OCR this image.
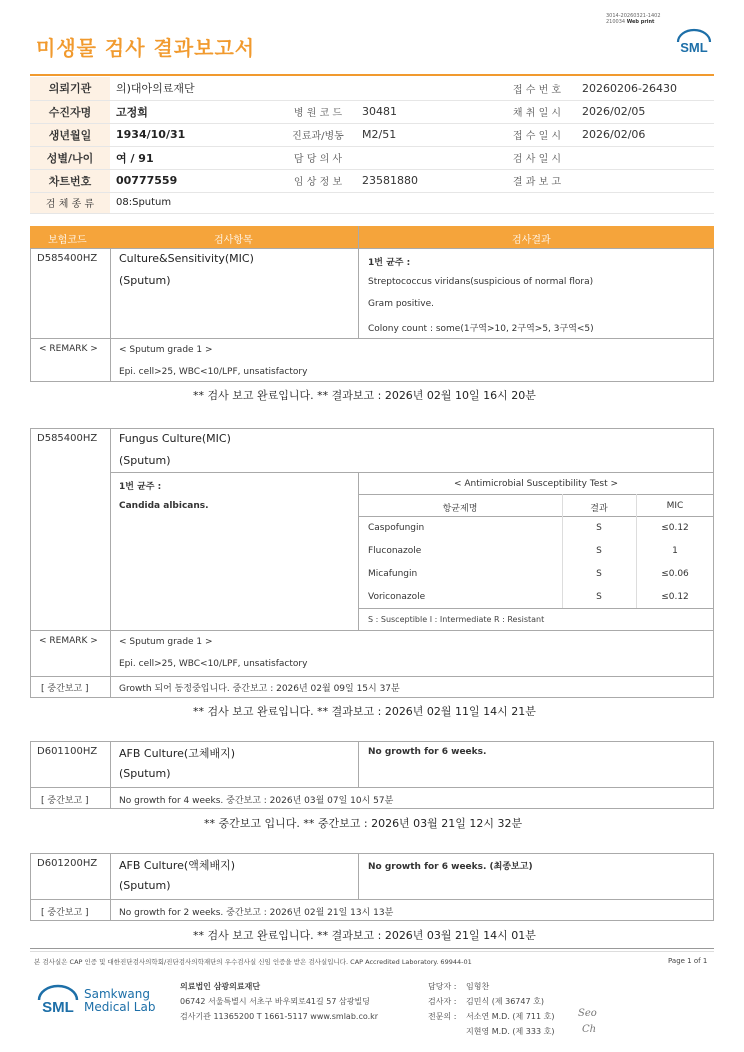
미생물 검사 결과보고서
3014-20260321-1402
210034 Web print
SML
의뢰기관	의)대아의료재단			접 수 번 호	20260206-26430
수진자명	고정희	병 원 코 드	30481	채 취 일 시	2026/02/05
생년월일	1934/10/31	진료과/병동	M2/51	접 수 일 시	2026/02/06
성별/나이	여 / 91	담 당 의 사		검 사 일 시	
차트번호	00777559	임 상 정 보	23581880	결 과 보 고	
검 체 종 류	08:Sputum				
보험코드	검사항목	검사결과
D585400HZ Culture&Sensitivity(MIC)
(Sputum)
1번 균주 :
Streptococcus viridans(suspicious of normal flora)
Gram positive.
Colony count : some(1구역>10, 2구역>5, 3구역<5)
< REMARK > < Sputum grade 1 >
Epi. cell>25, WBC<10/LPF, unsatisfactory
** 검사 보고 완료입니다. ** 결과보고 : 2026년 02월 10일 16시 20분
D585400HZ Fungus Culture(MIC)
(Sputum)
1번 균주 :
Candida albicans.
< Antimicrobial Susceptibility Test >
항균제명	결과	MIC
Caspofungin	S	≤0.12
Fluconazole	S	1
Micafungin	S	≤0.06
Voriconazole	S	≤0.12
S : Susceptible I : Intermediate R : Resistant
< REMARK > < Sputum grade 1 >
Epi. cell>25, WBC<10/LPF, unsatisfactory
[ 중간보고 ]	Growth 되어 동정중입니다. 중간보고 : 2026년 02월 09일 15시 37분
** 검사 보고 완료입니다. ** 결과보고 : 2026년 02월 11일 14시 21분
D601100HZ AFB Culture(고체배지)
(Sputum)
No growth for 6 weeks.
[ 중간보고 ]	No growth for 4 weeks. 중간보고 : 2026년 03월 07일 10시 57분
** 중간보고 입니다. ** 중간보고 : 2026년 03월 21일 12시 32분
D601200HZ AFB Culture(액체배지)
(Sputum)
No growth for 6 weeks. (최종보고)
[ 중간보고 ]	No growth for 2 weeks. 중간보고 : 2026년 02월 21일 13시 13분
** 검사 보고 완료입니다. ** 결과보고 : 2026년 03월 21일 14시 01분
본 검사실은 CAP 인증 및 대한진단검사의학회/진단검사의학재단의 우수검사실 신임 인증을 받은 검사실입니다. CAP Accredited Laboratory. 69944-01	Page 1 of 1
SML
Samkwang
Medical Lab
의료법인 삼광의료재단
06742 서울특별시 서초구 바우뫼로41길 57 삼광빌딩
검사기관 11365200 T 1661-5117 www.smlab.co.kr
담당자 : 임형찬
검사자 : 김민식 (제 36747 호)
전문의 : 서소연 M.D. (제 711 호)
지현영 M.D. (제 333 호)
Seo
Ch
